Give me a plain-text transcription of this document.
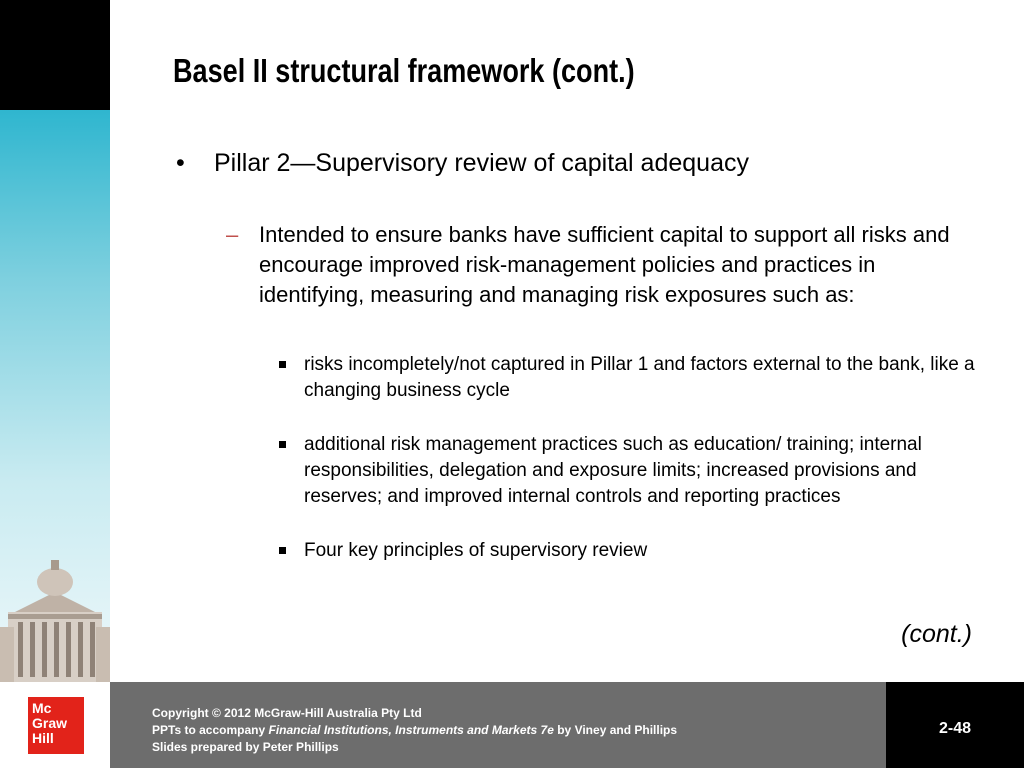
Basel II structural framework (cont.)
• Pillar 2—Supervisory review of capital adequacy
– Intended to ensure banks have sufficient capital to support all risks and encourage improved risk-management policies and practices in identifying, measuring and managing risk exposures such as:
risks incompletely/not captured in Pillar 1 and factors external to the bank, like a changing business cycle
additional risk management practices such as education/ training; internal responsibilities, delegation and exposure limits; increased provisions and reserves; and improved internal controls and reporting practices
Four key principles of supervisory review
(cont.)
Mc
Graw
Hill
Copyright © 2012 McGraw-Hill Australia Pty Ltd
PPTs to accompany Financial Institutions, Instruments and Markets 7e by Viney and Phillips
Slides prepared by Peter Phillips
2-48
